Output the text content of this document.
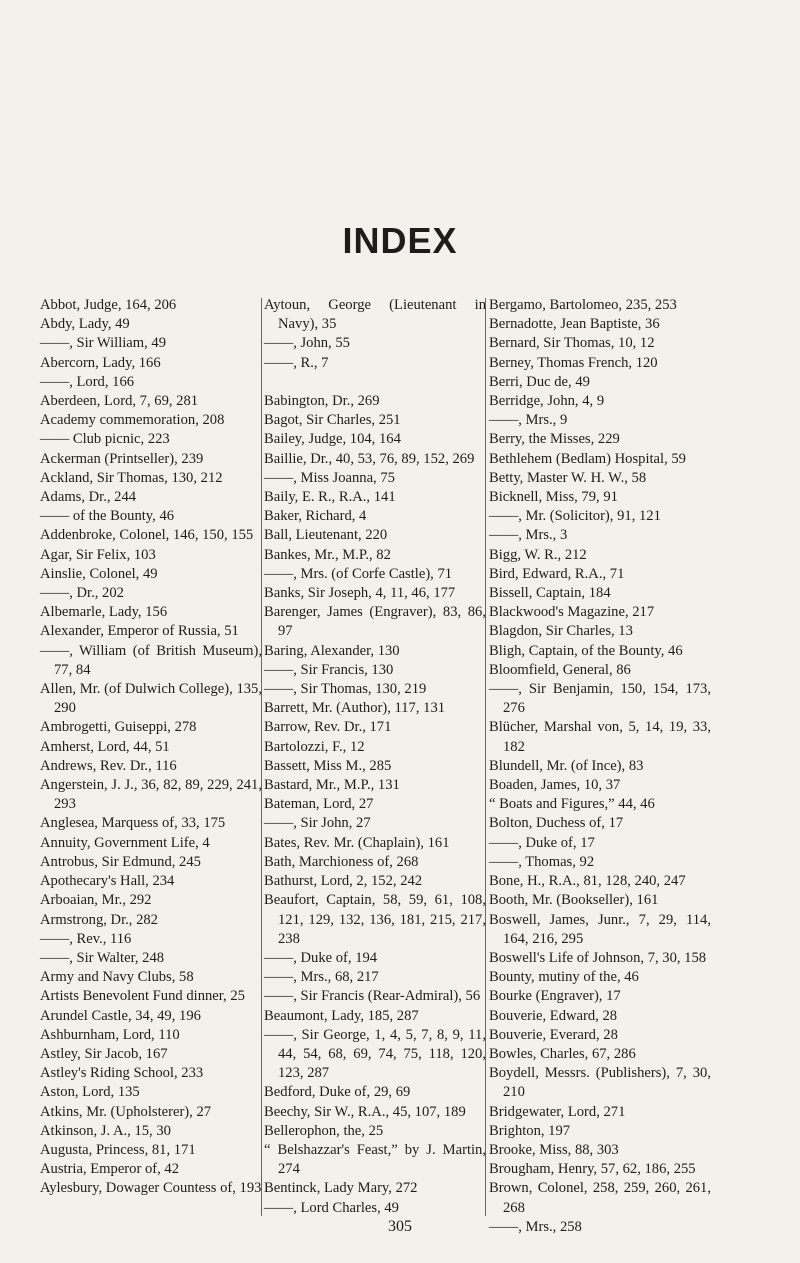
INDEX
Abbot, Judge, 164, 206
Abdy, Lady, 49
——, Sir William, 49
Abercorn, Lady, 166
——, Lord, 166
Aberdeen, Lord, 7, 69, 281
Academy commemoration, 208
—— Club picnic, 223
Ackerman (Printseller), 239
Ackland, Sir Thomas, 130, 212
Adams, Dr., 244
—— of the Bounty, 46
Addenbroke, Colonel, 146, 150, 155
Agar, Sir Felix, 103
Ainslie, Colonel, 49
——, Dr., 202
Albemarle, Lady, 156
Alexander, Emperor of Russia, 51
——, William (of British Museum), 77, 84
Allen, Mr. (of Dulwich College), 135, 290
Ambrogetti, Guiseppi, 278
Amherst, Lord, 44, 51
Andrews, Rev. Dr., 116
Angerstein, J. J., 36, 82, 89, 229, 241, 293
Anglesea, Marquess of, 33, 175
Annuity, Government Life, 4
Antrobus, Sir Edmund, 245
Apothecary's Hall, 234
Arboaian, Mr., 292
Armstrong, Dr., 282
——, Rev., 116
——, Sir Walter, 248
Army and Navy Clubs, 58
Artists Benevolent Fund dinner, 25
Arundel Castle, 34, 49, 196
Ashburnham, Lord, 110
Astley, Sir Jacob, 167
Astley's Riding School, 233
Aston, Lord, 135
Atkins, Mr. (Upholsterer), 27
Atkinson, J. A., 15, 30
Augusta, Princess, 81, 171
Austria, Emperor of, 42
Aylesbury, Dowager Countess of, 193
Aytoun, George (Lieutenant in Navy), 35
——, John, 55
——, R., 7

Babington, Dr., 269
Bagot, Sir Charles, 251
Bailey, Judge, 104, 164
Baillie, Dr., 40, 53, 76, 89, 152, 269
——, Miss Joanna, 75
Baily, E. R., R.A., 141
Baker, Richard, 4
Ball, Lieutenant, 220
Bankes, Mr., M.P., 82
——, Mrs. (of Corfe Castle), 71
Banks, Sir Joseph, 4, 11, 46, 177
Barenger, James (Engraver), 83, 86, 97
Baring, Alexander, 130
——, Sir Francis, 130
——, Sir Thomas, 130, 219
Barrett, Mr. (Author), 117, 131
Barrow, Rev. Dr., 171
Bartolozzi, F., 12
Bassett, Miss M., 285
Bastard, Mr., M.P., 131
Bateman, Lord, 27
——, Sir John, 27
Bates, Rev. Mr. (Chaplain), 161
Bath, Marchioness of, 268
Bathurst, Lord, 2, 152, 242
Beaufort, Captain, 58, 59, 61, 108, 121, 129, 132, 136, 181, 215, 217, 238
——, Duke of, 194
——, Mrs., 68, 217
——, Sir Francis (Rear-Admiral), 56
Beaumont, Lady, 185, 287
——, Sir George, 1, 4, 5, 7, 8, 9, 11, 44, 54, 68, 69, 74, 75, 118, 120, 123, 287
Bedford, Duke of, 29, 69
Beechy, Sir W., R.A., 45, 107, 189
Bellerophon, the, 25
“ Belshazzar's Feast,” by J. Martin, 274
Bentinck, Lady Mary, 272
——, Lord Charles, 49
Bergamo, Bartolomeo, 235, 253
Bernadotte, Jean Baptiste, 36
Bernard, Sir Thomas, 10, 12
Berney, Thomas French, 120
Berri, Duc de, 49
Berridge, John, 4, 9
——, Mrs., 9
Berry, the Misses, 229
Bethlehem (Bedlam) Hospital, 59
Betty, Master W. H. W., 58
Bicknell, Miss, 79, 91
——, Mr. (Solicitor), 91, 121
——, Mrs., 3
Bigg, W. R., 212
Bird, Edward, R.A., 71
Bissell, Captain, 184
Blackwood's Magazine, 217
Blagdon, Sir Charles, 13
Bligh, Captain, of the Bounty, 46
Bloomfield, General, 86
——, Sir Benjamin, 150, 154, 173, 276
Blücher, Marshal von, 5, 14, 19, 33, 182
Blundell, Mr. (of Ince), 83
Boaden, James, 10, 37
“ Boats and Figures,” 44, 46
Bolton, Duchess of, 17
——, Duke of, 17
——, Thomas, 92
Bone, H., R.A., 81, 128, 240, 247
Booth, Mr. (Bookseller), 161
Boswell, James, Junr., 7, 29, 114, 164, 216, 295
Boswell's Life of Johnson, 7, 30, 158
Bounty, mutiny of the, 46
Bourke (Engraver), 17
Bouverie, Edward, 28
Bouverie, Everard, 28
Bowles, Charles, 67, 286
Boydell, Messrs. (Publishers), 7, 30, 210
Bridgewater, Lord, 271
Brighton, 197
Brooke, Miss, 88, 303
Brougham, Henry, 57, 62, 186, 255
Brown, Colonel, 258, 259, 260, 261, 268
——, Mrs., 258
305
